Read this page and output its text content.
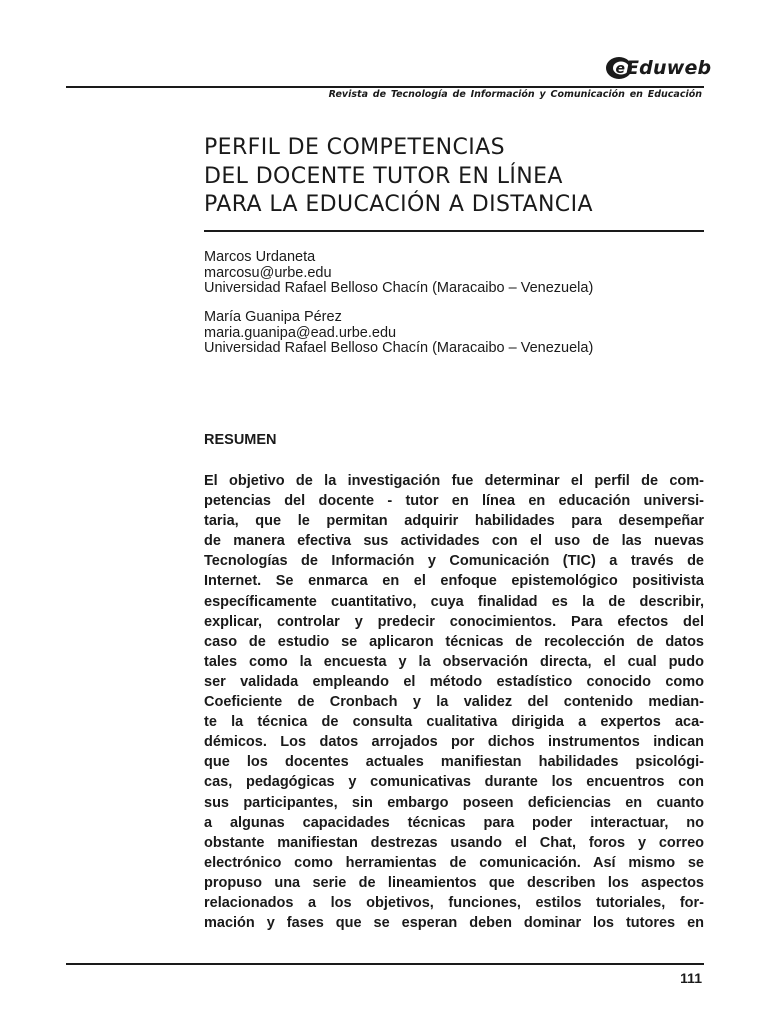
e Eduweb
Revista de Tecnología de Información y Comunicación en Educación
PERFIL DE COMPETENCIAS
DEL DOCENTE TUTOR EN LÍNEA
PARA LA EDUCACIÓN A DISTANCIA
Marcos Urdaneta
marcosu@urbe.edu
Universidad Rafael Belloso Chacín (Maracaibo – Venezuela)
María Guanipa Pérez
maria.guanipa@ead.urbe.edu
Universidad Rafael Belloso Chacín (Maracaibo – Venezuela)
RESUMEN

El objetivo de la investigación fue determinar el perfil de com-
petencias del docente - tutor en línea en educación universi-
taria, que le permitan adquirir habilidades para desempeñar
de manera efectiva sus actividades con el uso de las nuevas
Tecnologías de Información y Comunicación (TIC) a través de
Internet. Se enmarca en el enfoque epistemológico positivista
específicamente cuantitativo, cuya finalidad es la de describir,
explicar, controlar y predecir conocimientos. Para efectos del
caso de estudio se aplicaron técnicas de recolección de datos
tales como la encuesta y la observación directa, el cual pudo
ser validada empleando el método estadístico conocido como
Coeficiente de Cronbach y la validez del contenido median-
te la técnica de consulta cualitativa dirigida a expertos aca-
démicos. Los datos arrojados por dichos instrumentos indican
que los docentes actuales manifiestan habilidades psicológi-
cas, pedagógicas y comunicativas durante los encuentros con
sus participantes, sin embargo poseen deficiencias en cuanto
a algunas capacidades técnicas para poder interactuar, no
obstante manifiestan destrezas usando el Chat, foros y correo
electrónico como herramientas de comunicación. Así mismo se
propuso una serie de lineamientos que describen los aspectos
relacionados a los objetivos, funciones, estilos tutoriales, for-
mación y fases que se esperan deben dominar los tutores en

111
